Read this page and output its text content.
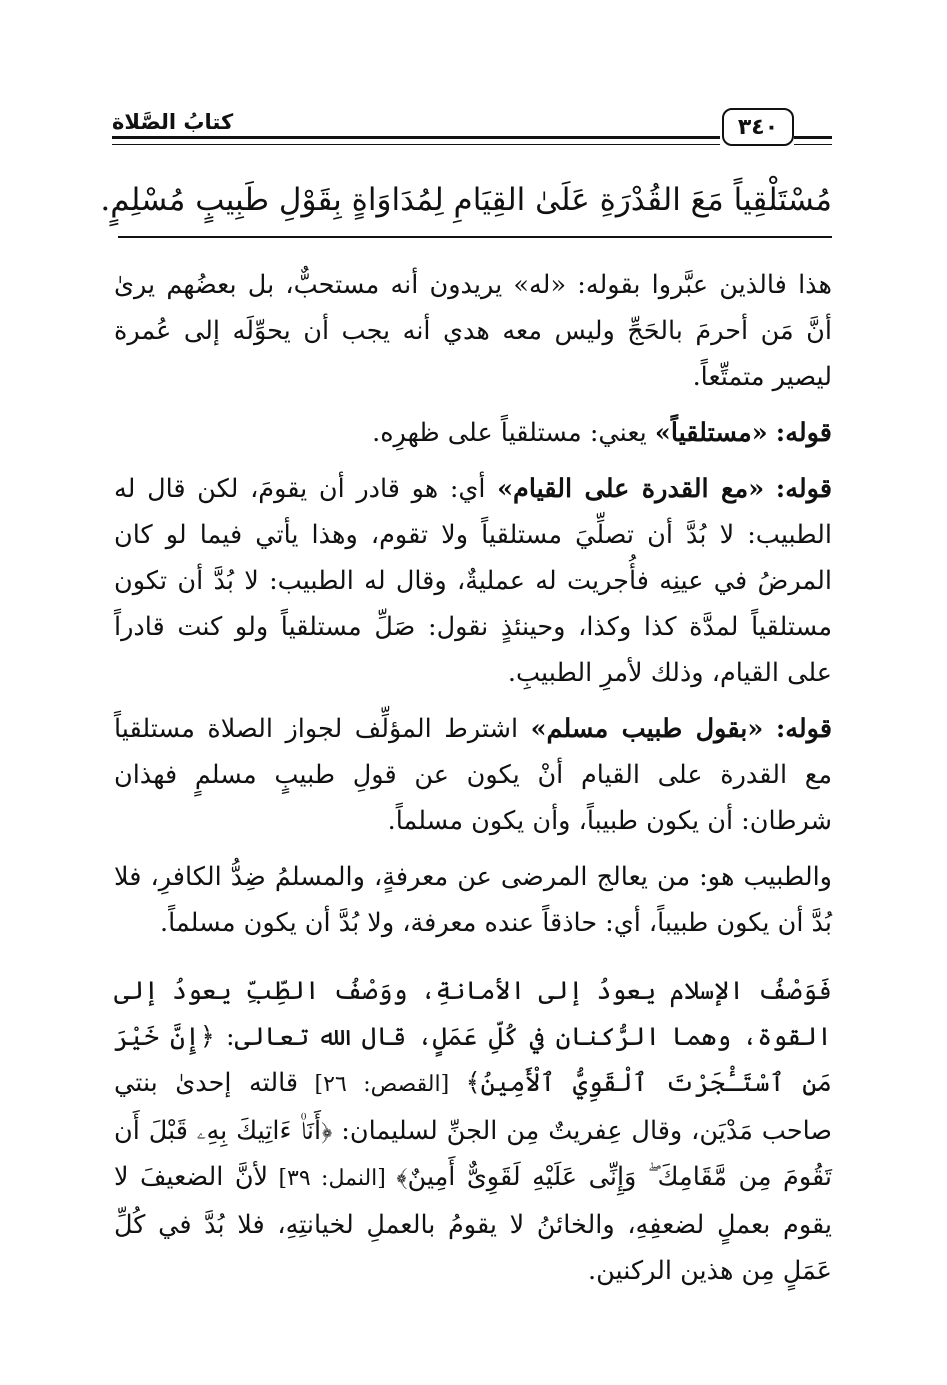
كتابُ الصَّلاة	٣٤٠
مُسْتَلْقِياً مَعَ القُدْرَةِ عَلَىٰ القِيَامِ لِمُدَاوَاةٍ بِقَوْلِ طَبِيبٍ مُسْلِمٍ.

هذا فالذين عبَّروا بقوله: «له» يريدون أنه مستحبٌّ، بل بعضُهم يرىٰ أنَّ مَن أحرمَ بالحَجِّ وليس معه هدي أنه يجب أن يحوِّلَه إلى عُمرة ليصير متمتِّعاً.

قوله: «مستلقياً» يعني: مستلقياً على ظهرِه.

قوله: «مع القدرة على القيام» أي: هو قادر أن يقومَ، لكن قال له الطبيب: لا بُدَّ أن تصلِّيَ مستلقياً ولا تقوم، وهذا يأتي فيما لو كان المرضُ في عينِه فأُجريت له عمليةٌ، وقال له الطبيب: لا بُدَّ أن تكون مستلقياً لمدَّة كذا وكذا، وحينئذٍ نقول: صَلِّ مستلقياً ولو كنت قادراً على القيام، وذلك لأمرِ الطبيبِ.

قوله: «بقول طبيب مسلم» اشترط المؤلِّف لجواز الصلاة مستلقياً مع القدرة على القيام أنْ يكون عن قولِ طبيبٍ مسلمٍ فهذان شرطان: أن يكون طبيباً، وأن يكون مسلماً.

والطبيب هو: من يعالج المرضى عن معرفةٍ، والمسلمُ ضِدُّ الكافرِ، فلا بُدَّ أن يكون طبيباً، أي: حاذقاً عنده معرفة، ولا بُدَّ أن يكون مسلماً.

فَوَصْفُ الإسلام يعودُ إلى الأمانةِ، ووَصْفُ الطِّبِّ يعودُ إلى القوة، وهما الرُّكنان في كُلِّ عَمَلٍ، قال الله تعالى: ﴿إِنَّ خَيْرَ مَنِ ٱسْتَـْٔجَرْتَ ٱلْقَوِيُّ ٱلْأَمِينُ﴾ [القصص: ٢٦] قالته إحدىٰ بنتي صاحب مَدْيَن، وقال عِفريتٌ مِن الجنِّ لسليمان: ﴿أَنَا۠ ءَاتِيكَ بِهِۦ قَبْلَ أَن تَقُومَ مِن مَّقَامِكَ ۖ وَإِنِّى عَلَيْهِ لَقَوِىٌّ أَمِينٌ﴾ [النمل: ٣٩] لأنَّ الضعيفَ لا يقوم بعملٍ لضعفِهِ، والخائنُ لا يقومُ بالعملِ لخيانتِهِ، فلا بُدَّ في كُلِّ عَمَلٍ مِن هذين الركنين.
